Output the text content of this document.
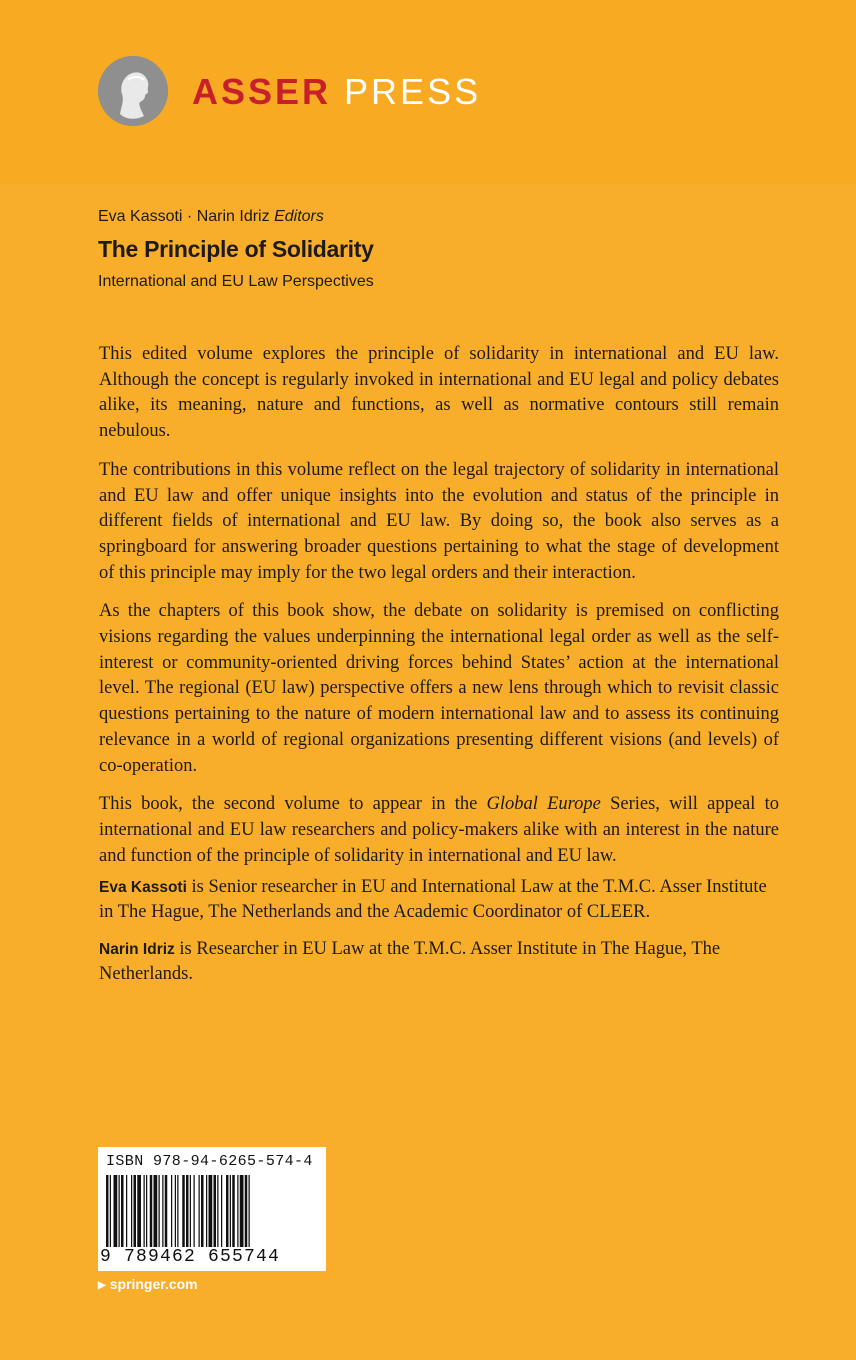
ASSER PRESS
Eva Kassoti · Narin Idriz Editors
The Principle of Solidarity
International and EU Law Perspectives

This edited volume explores the principle of solidarity in international and EU law. Although the concept is regularly invoked in international and EU legal and policy debates alike, its meaning, nature and functions, as well as normative contours still remain nebulous.

The contributions in this volume reflect on the legal trajectory of solidarity in international and EU law and offer unique insights into the evolution and status of the principle in different fields of international and EU law. By doing so, the book also serves as a springboard for answering broader questions pertaining to what the stage of development of this principle may imply for the two legal orders and their interaction.

As the chapters of this book show, the debate on solidarity is premised on conflicting visions regarding the values underpinning the international legal order as well as the self-interest or community-oriented driving forces behind States’ action at the international level. The regional (EU law) perspective offers a new lens through which to revisit classic questions pertaining to the nature of modern international law and to assess its continuing relevance in a world of regional organizations presenting different visions (and levels) of co-operation.

This book, the second volume to appear in the Global Europe Series, will appeal to international and EU law researchers and policy-makers alike with an interest in the nature and function of the principle of solidarity in international and EU law.

Eva Kassoti is Senior researcher in EU and International Law at the T.M.C. Asser Institute in The Hague, The Netherlands and the Academic Coordinator of CLEER.

Narin Idriz is Researcher in EU Law at the T.M.C. Asser Institute in The Hague, The Netherlands.

ISBN 978-94-6265-574-4
9 789462 655744
▶ springer.com
